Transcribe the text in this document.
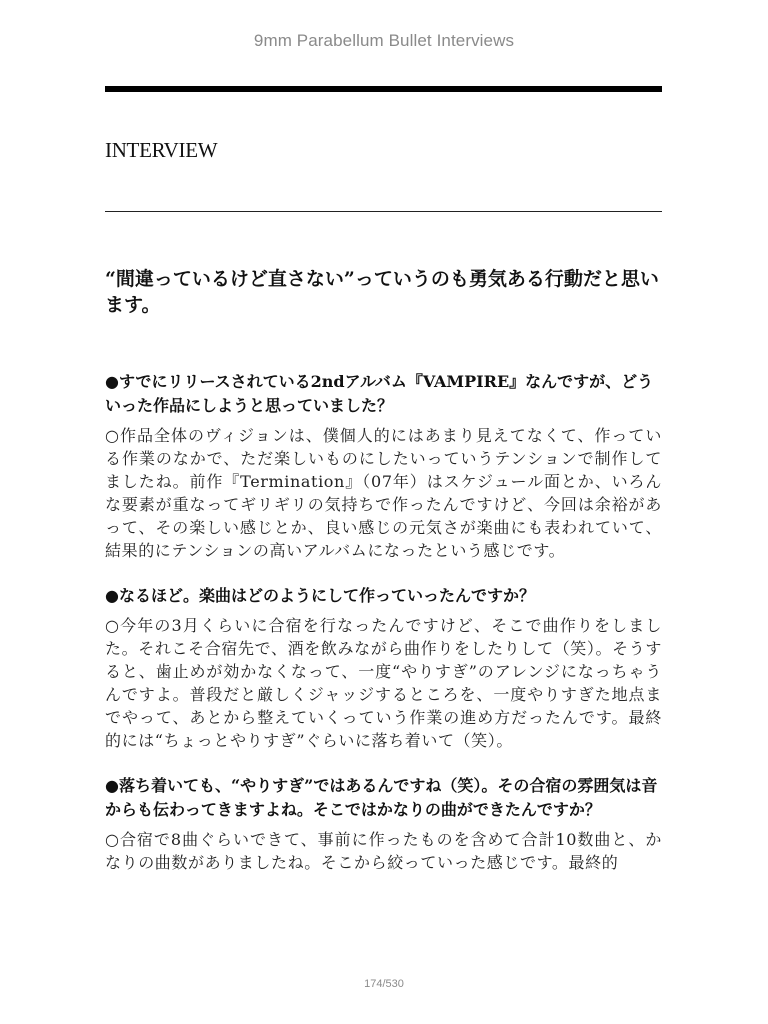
9mm Parabellum Bullet Interviews
INTERVIEW

“間違っているけど直さない”っていうのも勇気ある行動だと思います。

●すでにリリースされている2ndアルバム『VAMPIRE』なんですが、どういった作品にしようと思っていました？

○作品全体のヴィジョンは、僕個人的にはあまり見えてなくて、作っている作業のなかで、ただ楽しいものにしたいっていうテンションで制作してましたね。前作『Termination』（07年）はスケジュール面とか、いろんな要素が重なってギリギリの気持ちで作ったんですけど、今回は余裕があって、その楽しい感じとか、良い感じの元気さが楽曲にも表われていて、結果的にテンションの高いアルバムになったという感じです。

●なるほど。楽曲はどのようにして作っていったんですか？

○今年の3月くらいに合宿を行なったんですけど、そこで曲作りをしました。それこそ合宿先で、酒を飲みながら曲作りをしたりして（笑）。そうすると、歯止めが効かなくなって、一度“やりすぎ”のアレンジになっちゃうんですよ。普段だと厳しくジャッジするところを、一度やりすぎた地点までやって、あとから整えていくっていう作業の進め方だったんです。最終的には“ちょっとやりすぎ”ぐらいに落ち着いて（笑）。

●落ち着いても、“やりすぎ”ではあるんですね（笑）。その合宿の雰囲気は音からも伝わってきますよね。そこではかなりの曲ができたんですか？

○合宿で8曲ぐらいできて、事前に作ったものを含めて合計10数曲と、かなりの曲数がありましたね。そこから絞っていった感じです。最終的

174/530
